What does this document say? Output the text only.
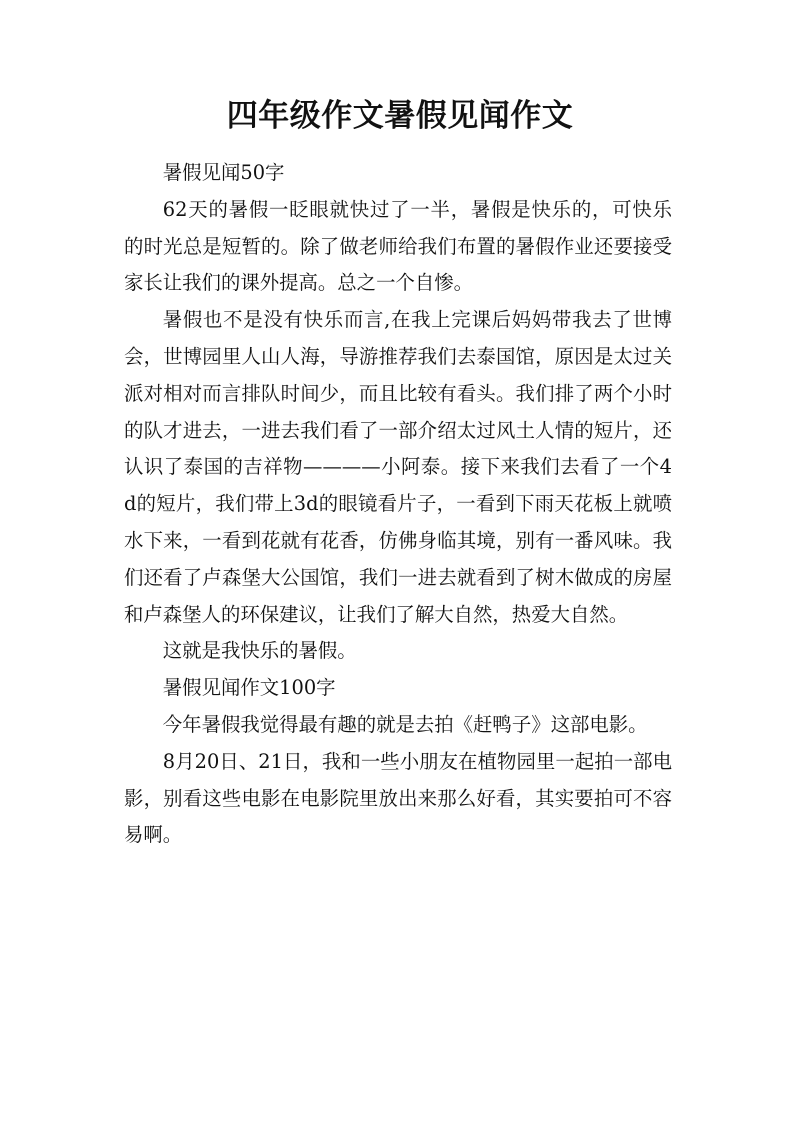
四年级作文暑假见闻作文

暑假见闻50字

62天的暑假一眨眼就快过了一半，暑假是快乐的，可快乐的时光总是短暂的。除了做老师给我们布置的暑假作业还要接受家长让我们的课外提高。总之一个自惨。

暑假也不是没有快乐而言,在我上完课后妈妈带我去了世博会，世博园里人山人海，导游推荐我们去泰国馆，原因是太过关派对相对而言排队时间少，而且比较有看头。我们排了两个小时的队才进去，一进去我们看了一部介绍太过风土人情的短片，还认识了泰国的吉祥物————小阿泰。接下来我们去看了一个4d的短片，我们带上3d的眼镜看片子，一看到下雨天花板上就喷水下来，一看到花就有花香，仿佛身临其境，别有一番风味。我们还看了卢森堡大公国馆，我们一进去就看到了树木做成的房屋和卢森堡人的环保建议，让我们了解大自然，热爱大自然。

这就是我快乐的暑假。

暑假见闻作文100字

今年暑假我觉得最有趣的就是去拍《赶鸭子》这部电影。

8月20日、21日，我和一些小朋友在植物园里一起拍一部电影，别看这些电影在电影院里放出来那么好看，其实要拍可不容易啊。
